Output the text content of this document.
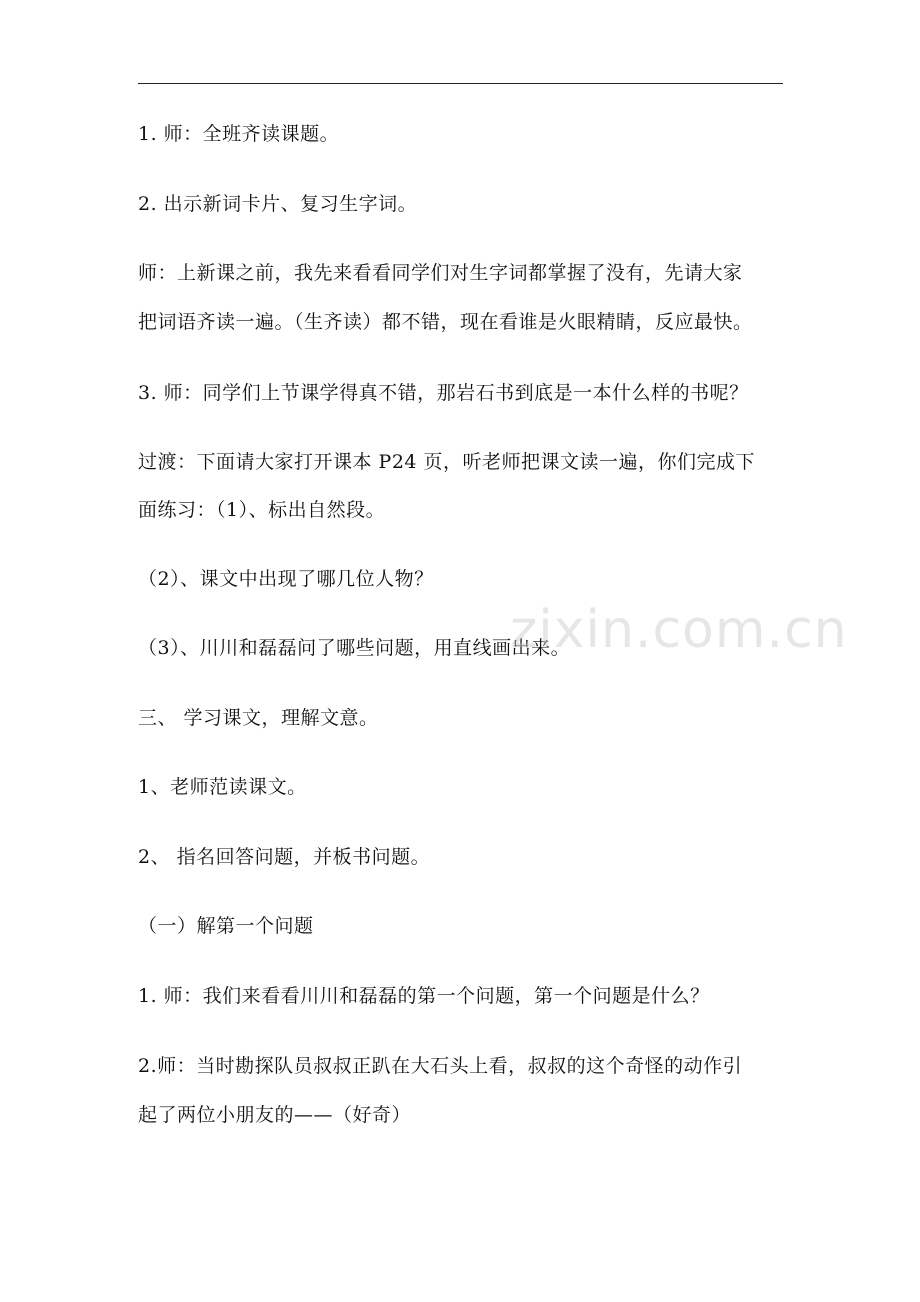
1. 师：全班齐读课题。
2. 出示新词卡片、复习生字词。
师：上新课之前，我先来看看同学们对生字词都掌握了没有，先请大家
把词语齐读一遍。（生齐读）都不错，现在看谁是火眼精睛，反应最快。
3. 师：同学们上节课学得真不错，那岩石书到底是一本什么样的书呢？
过渡：下面请大家打开课本 P24 页，听老师把课文读一遍，你们完成下
面练习：（1）、标出自然段。
（2）、课文中出现了哪几位人物？
（3）、川川和磊磊问了哪些问题，用直线画出来。
三、 学习课文，理解文意。
1、老师范读课文。
2、 指名回答问题，并板书问题。
（一）解第一个问题
1. 师：我们来看看川川和磊磊的第一个问题，第一个问题是什么？
2.师：当时勘探队员叔叔正趴在大石头上看，叔叔的这个奇怪的动作引
起了两位小朋友的——（好奇）
zixin.com.cn
